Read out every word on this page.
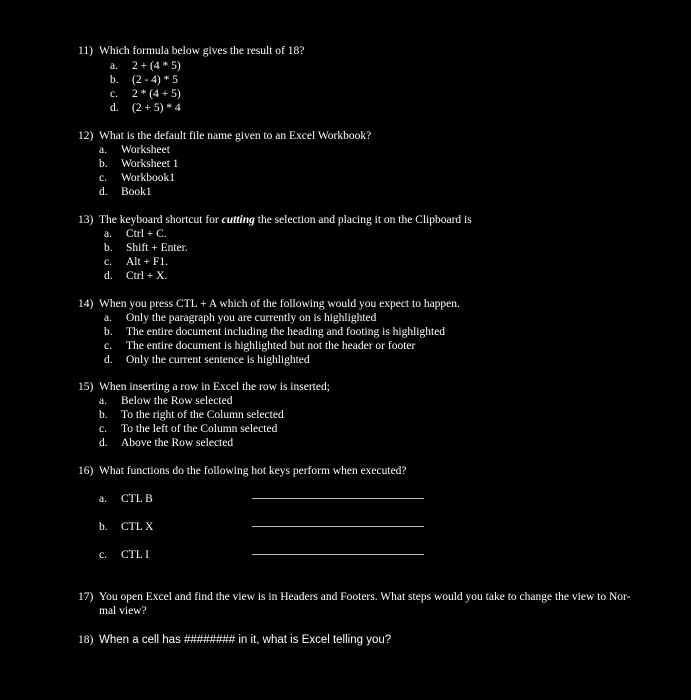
11) Which formula below gives the result of 18?
a. 2 + (4 * 5)
b. (2 - 4) * 5
c. 2 * (4 + 5)
d. (2 + 5) * 4
12) What is the default file name given to an Excel Workbook?
a. Worksheet
b. Worksheet 1
c. Workbook1
d. Book1
13) The keyboard shortcut for cutting the selection and placing it on the Clipboard is
a. Ctrl + C.
b. Shift + Enter.
c. Alt + F1.
d. Ctrl + X.
14) When you press CTL + A which of the following would you expect to happen.
a. Only the paragraph you are currently on is highlighted
b. The entire document including the heading and footing is highlighted
c. The entire document is highlighted but not the header or footer
d. Only the current sentence is highlighted
15) When inserting a row in Excel the row is inserted;
a. Below the Row selected
b. To the right of the Column selected
c. To the left of the Column selected
d. Above the Row selected
16) What functions do the following hot keys perform when executed?
a. CTL B
b. CTL X
c. CTL I
17) You open Excel and find the view is in Headers and Footers. What steps would you take to change the view to Nor-
mal view?
18) When a cell has ######## in it, what is Excel telling you?
